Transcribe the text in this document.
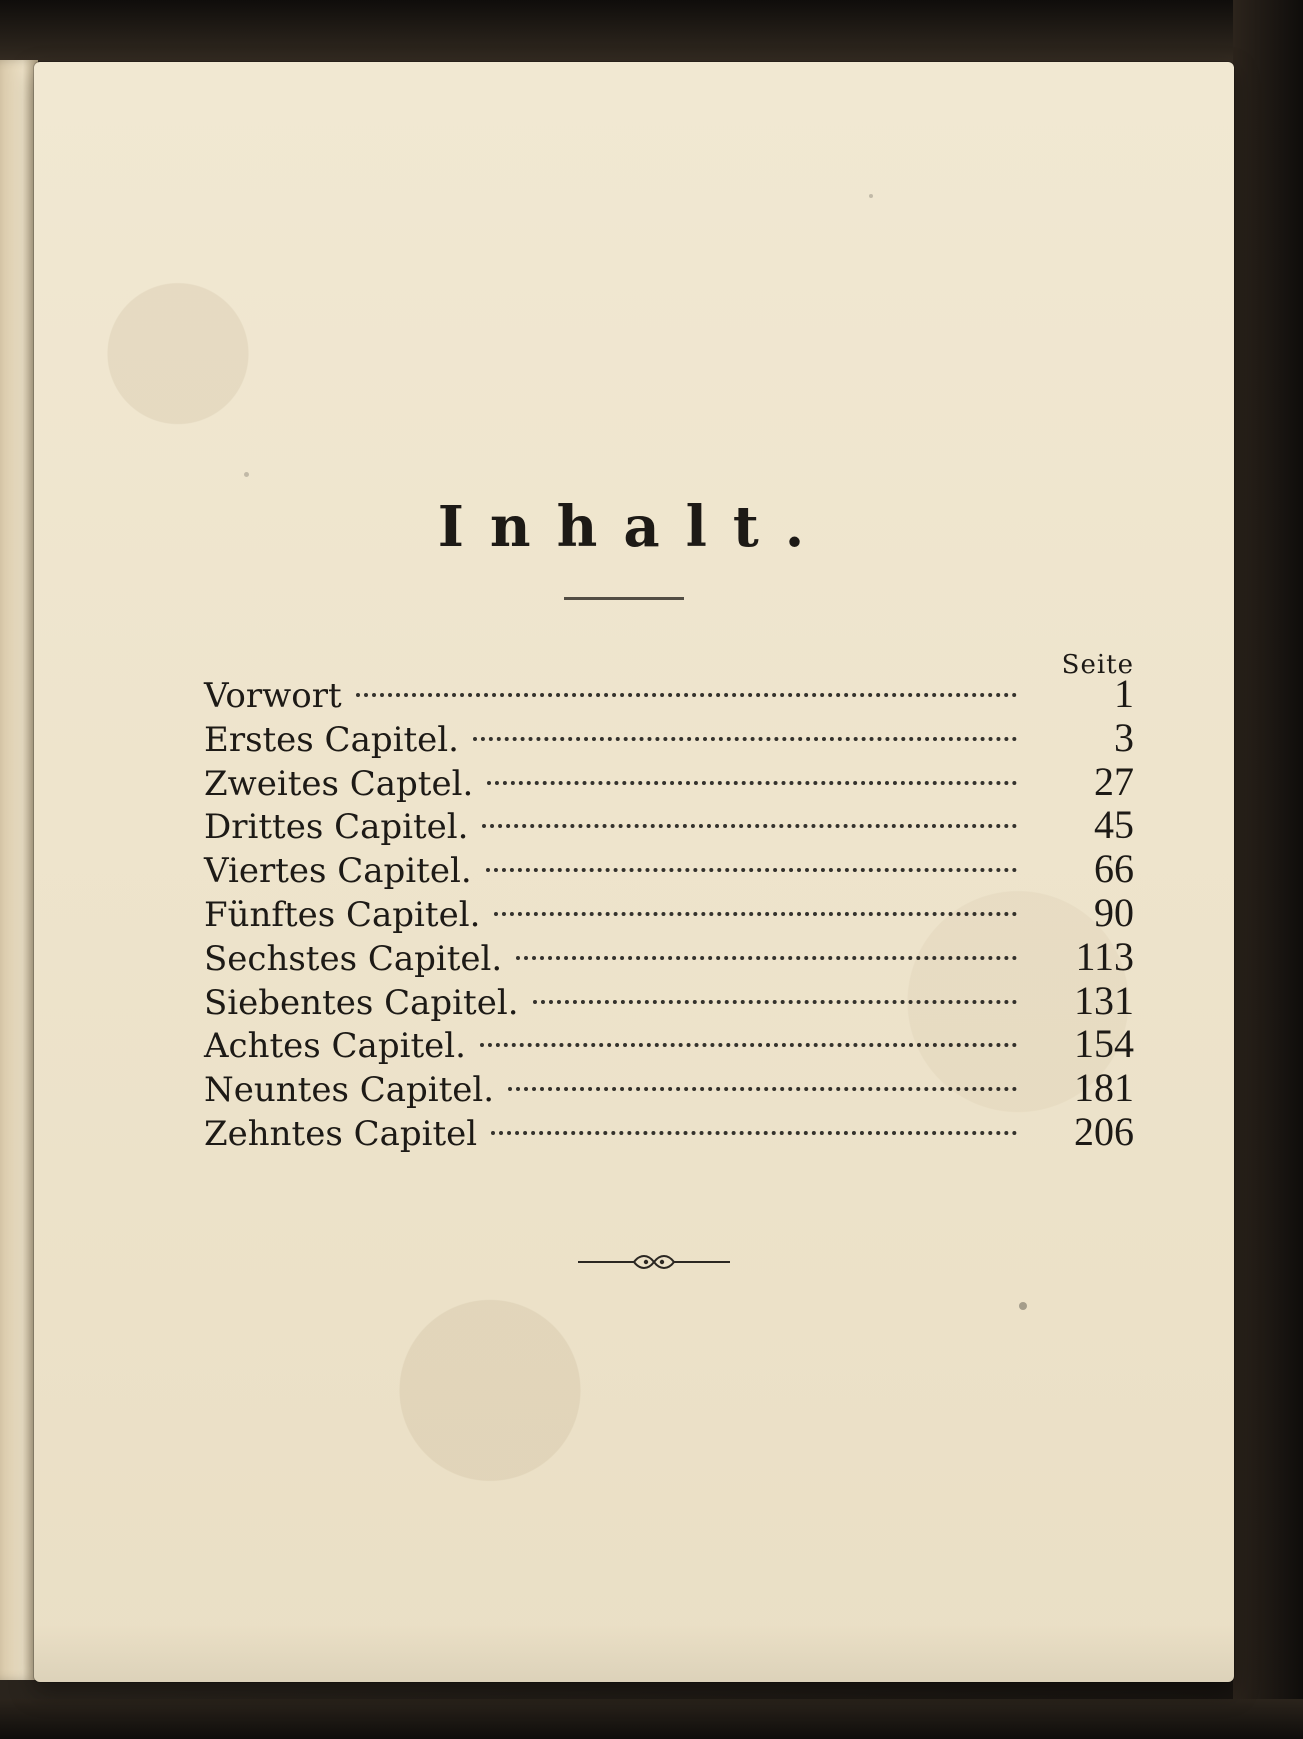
Inhalt.
Seite
Vorwort	1
Erstes Capitel.	3
Zweites Captel.	27
Drittes Capitel.	45
Viertes Capitel.	66
Fünftes Capitel.	90
Sechstes Capitel.	113
Siebentes Capitel.	131
Achtes Capitel.	154
Neuntes Capitel.	181
Zehntes Capitel	206
